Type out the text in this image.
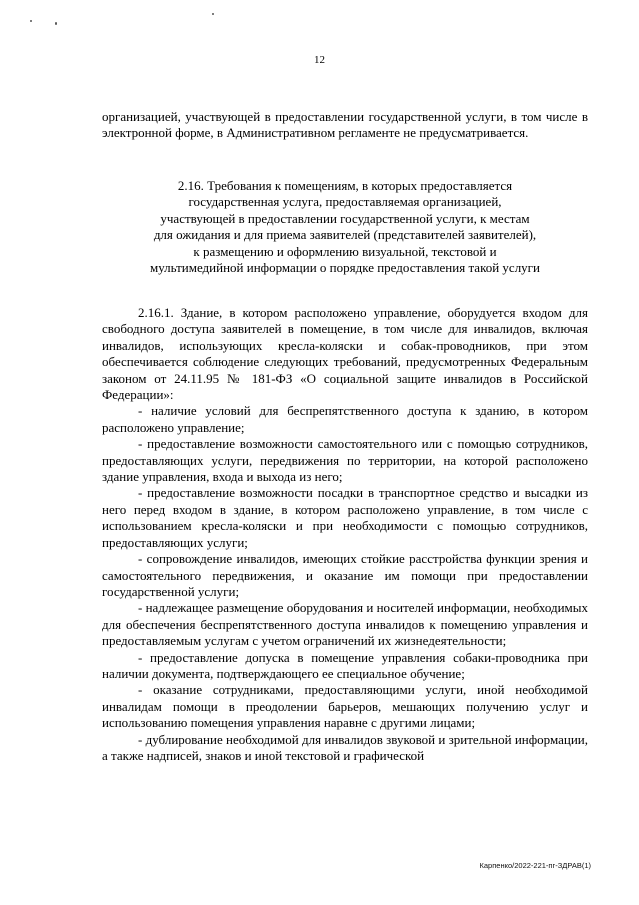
12

организацией, участвующей в предоставлении государственной услуги, в том числе в электронной форме, в Административном регламенте не предусматривается.

2.16. Требования к помещениям, в которых предоставляется государственная услуга, предоставляемая организацией, участвующей в предоставлении государственной услуги, к местам для ожидания и для приема заявителей (представителей заявителей), к размещению и оформлению визуальной, текстовой и мультимедийной информации о порядке предоставления такой услуги

2.16.1. Здание, в котором расположено управление, оборудуется входом для свободного доступа заявителей в помещение, в том числе для инвалидов, включая инвалидов, использующих кресла-коляски и собак-проводников, при этом обеспечивается соблюдение следующих требований, предусмотренных Федеральным законом от 24.11.95 № 181-ФЗ «О социальной защите инвалидов в Российской Федерации»:

- наличие условий для беспрепятственного доступа к зданию, в котором расположено управление;

- предоставление возможности самостоятельного или с помощью сотрудников, предоставляющих услуги, передвижения по территории, на которой расположено здание управления, входа и выхода из него;

- предоставление возможности посадки в транспортное средство и высадки из него перед входом в здание, в котором расположено управление, в том числе с использованием кресла-коляски и при необходимости с помощью сотрудников, предоставляющих услуги;

- сопровождение инвалидов, имеющих стойкие расстройства функции зрения и самостоятельного передвижения, и оказание им помощи при предоставлении государственной услуги;

- надлежащее размещение оборудования и носителей информации, необходимых для обеспечения беспрепятственного доступа инвалидов к помещению управления и предоставляемым услугам с учетом ограничений их жизнедеятельности;

- предоставление допуска в помещение управления собаки-проводника при наличии документа, подтверждающего ее специальное обучение;

- оказание сотрудниками, предоставляющими услуги, иной необходимой инвалидам помощи в преодолении барьеров, мешающих получению услуг и использованию помещения управления наравне с другими лицами;

- дублирование необходимой для инвалидов звуковой и зрительной информации, а также надписей, знаков и иной текстовой и графической

Карпенко/2022-221-пг-ЗДРАВ(1)
